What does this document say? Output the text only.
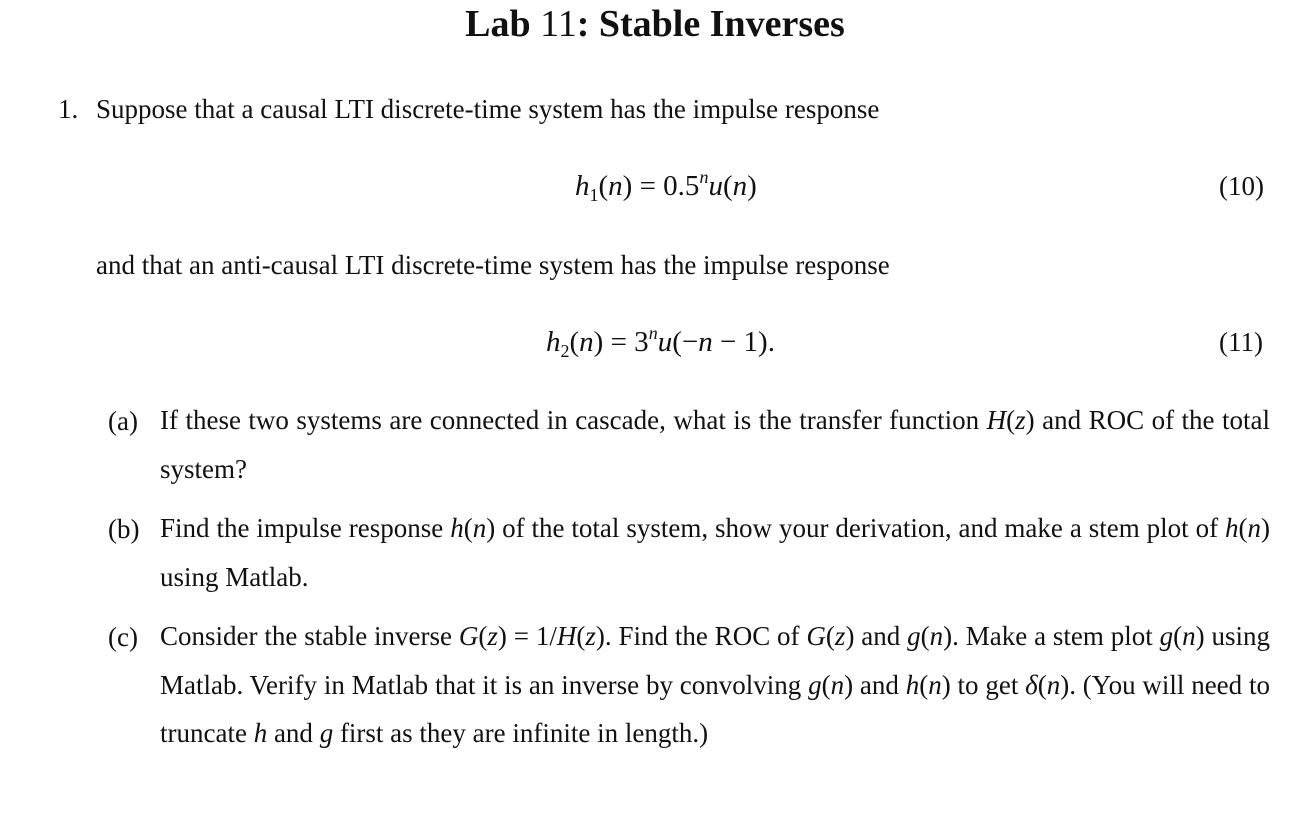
Lab 11: Stable Inverses
1. Suppose that a causal LTI discrete-time system has the impulse response
$h_1(n) = 0.5^nu(n)$	(10)
and that an anti-causal LTI discrete-time system has the impulse response
$h_2(n) = 3^nu(-n - 1)$.	(11)
(a) If these two systems are connected in cascade, what is the transfer function H(z) and ROC of the total system?
(b) Find the impulse response h(n) of the total system, show your derivation, and make a stem plot of h(n) using Matlab.
(c) Consider the stable inverse G(z) = 1/H(z). Find the ROC of G(z) and g(n). Make a stem plot g(n) using Matlab. Verify in Matlab that it is an inverse by convolving g(n) and h(n) to get δ(n). (You will need to truncate h and g first as they are infinite in length.)
